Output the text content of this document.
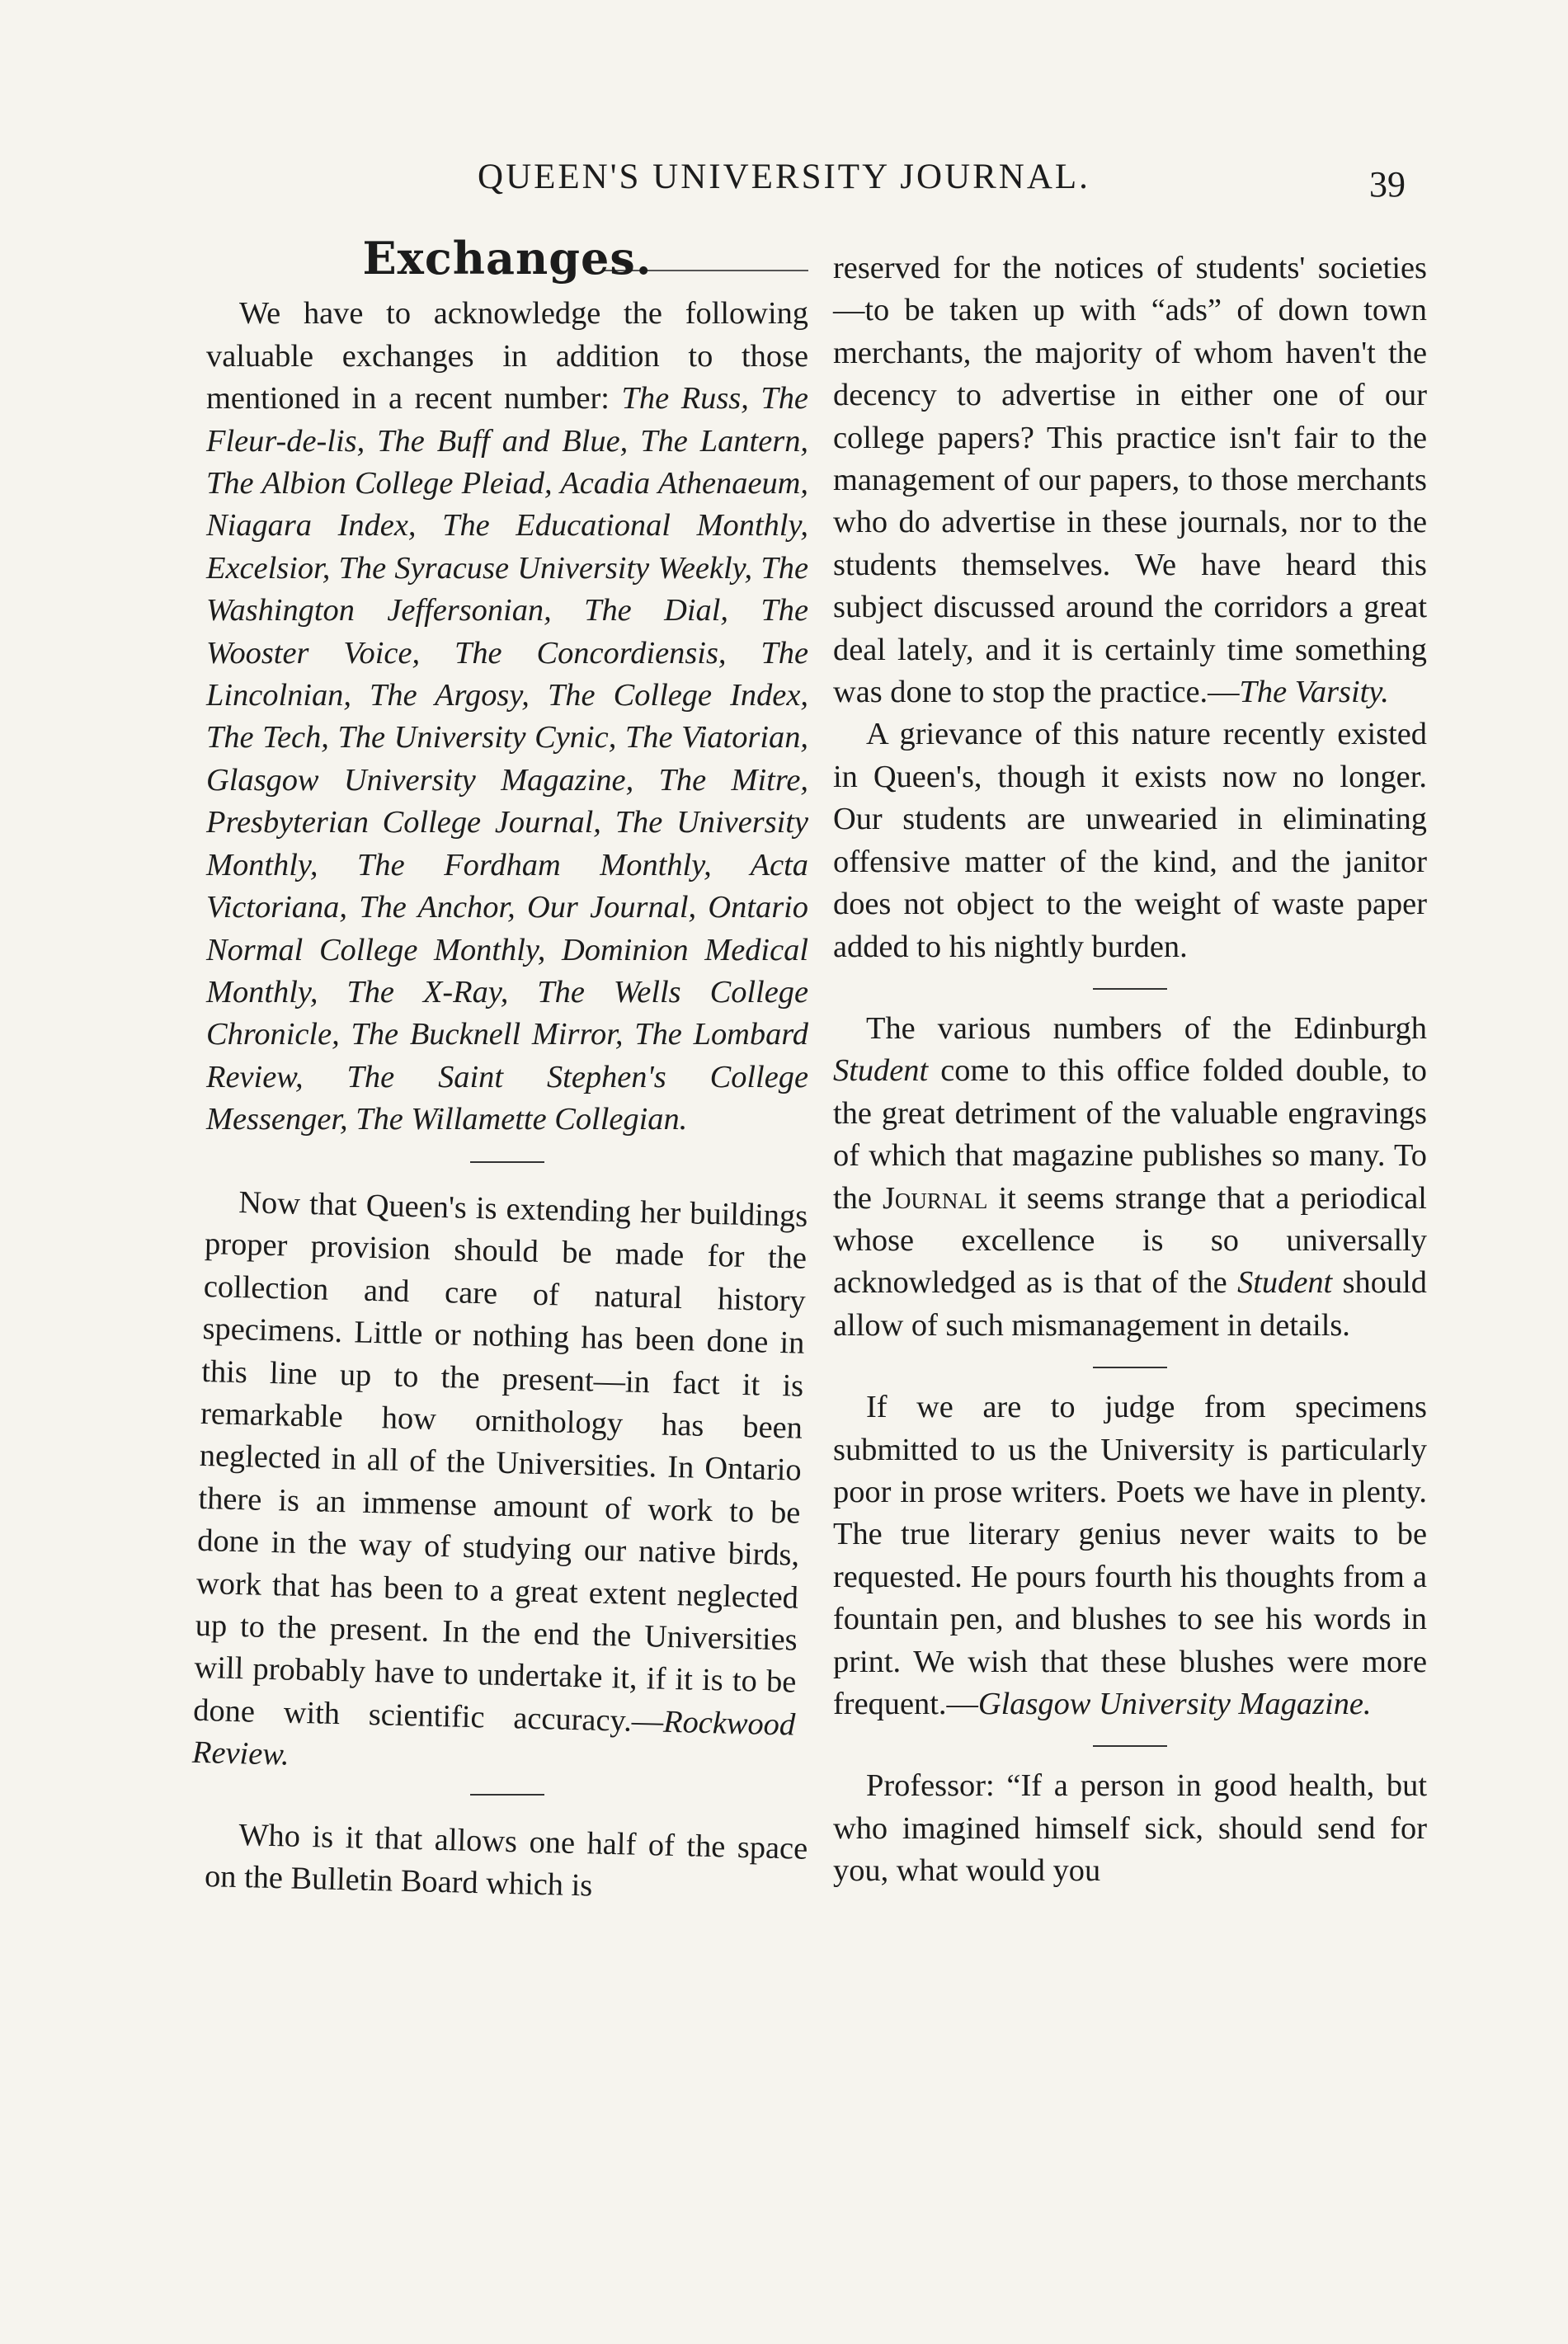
QUEEN'S UNIVERSITY JOURNAL.	39
Exchanges.

We have to acknowledge the following valuable exchanges in addition to those mentioned in a recent number: The Russ, The Fleur-de-lis, The Buff and Blue, The Lantern, The Albion College Pleiad, Acadia Athenaeum, Niagara Index, The Educational Monthly, Excelsior, The Syracuse University Weekly, The Washington Jeffersonian, The Dial, The Wooster Voice, The Concordiensis, The Lincolnian, The Argosy, The College Index, The Tech, The University Cynic, The Viatorian, Glasgow University Magazine, The Mitre, Presbyterian College Journal, The University Monthly, The Fordham Monthly, Acta Victoriana, The Anchor, Our Journal, Ontario Normal College Monthly, Dominion Medical Monthly, The X-Ray, The Wells College Chronicle, The Bucknell Mirror, The Lombard Review, The Saint Stephen's College Messenger, The Willamette Collegian.

Now that Queen's is extending her buildings proper provision should be made for the collection and care of natural history specimens. Little or nothing has been done in this line up to the present—in fact it is remarkable how ornithology has been neglected in all of the Universities. In Ontario there is an immense amount of work to be done in the way of studying our native birds, work that has been to a great extent neglected up to the present. In the end the Universities will probably have to undertake it, if it is to be done with scientific accuracy.—Rockwood Review.

Who is it that allows one half of the space on the Bulletin Board which is

reserved for the notices of students' societies—to be taken up with “ads” of down town merchants, the majority of whom haven't the decency to advertise in either one of our college papers? This practice isn't fair to the management of our papers, to those merchants who do advertise in these journals, nor to the students themselves. We have heard this subject discussed around the corridors a great deal lately, and it is certainly time something was done to stop the practice.—The Varsity.

A grievance of this nature recently existed in Queen's, though it exists now no longer. Our students are unwearied in eliminating offensive matter of the kind, and the janitor does not object to the weight of waste paper added to his nightly burden.

The various numbers of the Edinburgh Student come to this office folded double, to the great detriment of the valuable engravings of which that magazine publishes so many. To the Journal it seems strange that a periodical whose excellence is so universally acknowledged as is that of the Student should allow of such mismanagement in details.

If we are to judge from specimens submitted to us the University is particularly poor in prose writers. Poets we have in plenty. The true literary genius never waits to be requested. He pours fourth his thoughts from a fountain pen, and blushes to see his words in print. We wish that these blushes were more frequent.—Glasgow University Magazine.

Professor: “If a person in good health, but who imagined himself sick, should send for you, what would you
